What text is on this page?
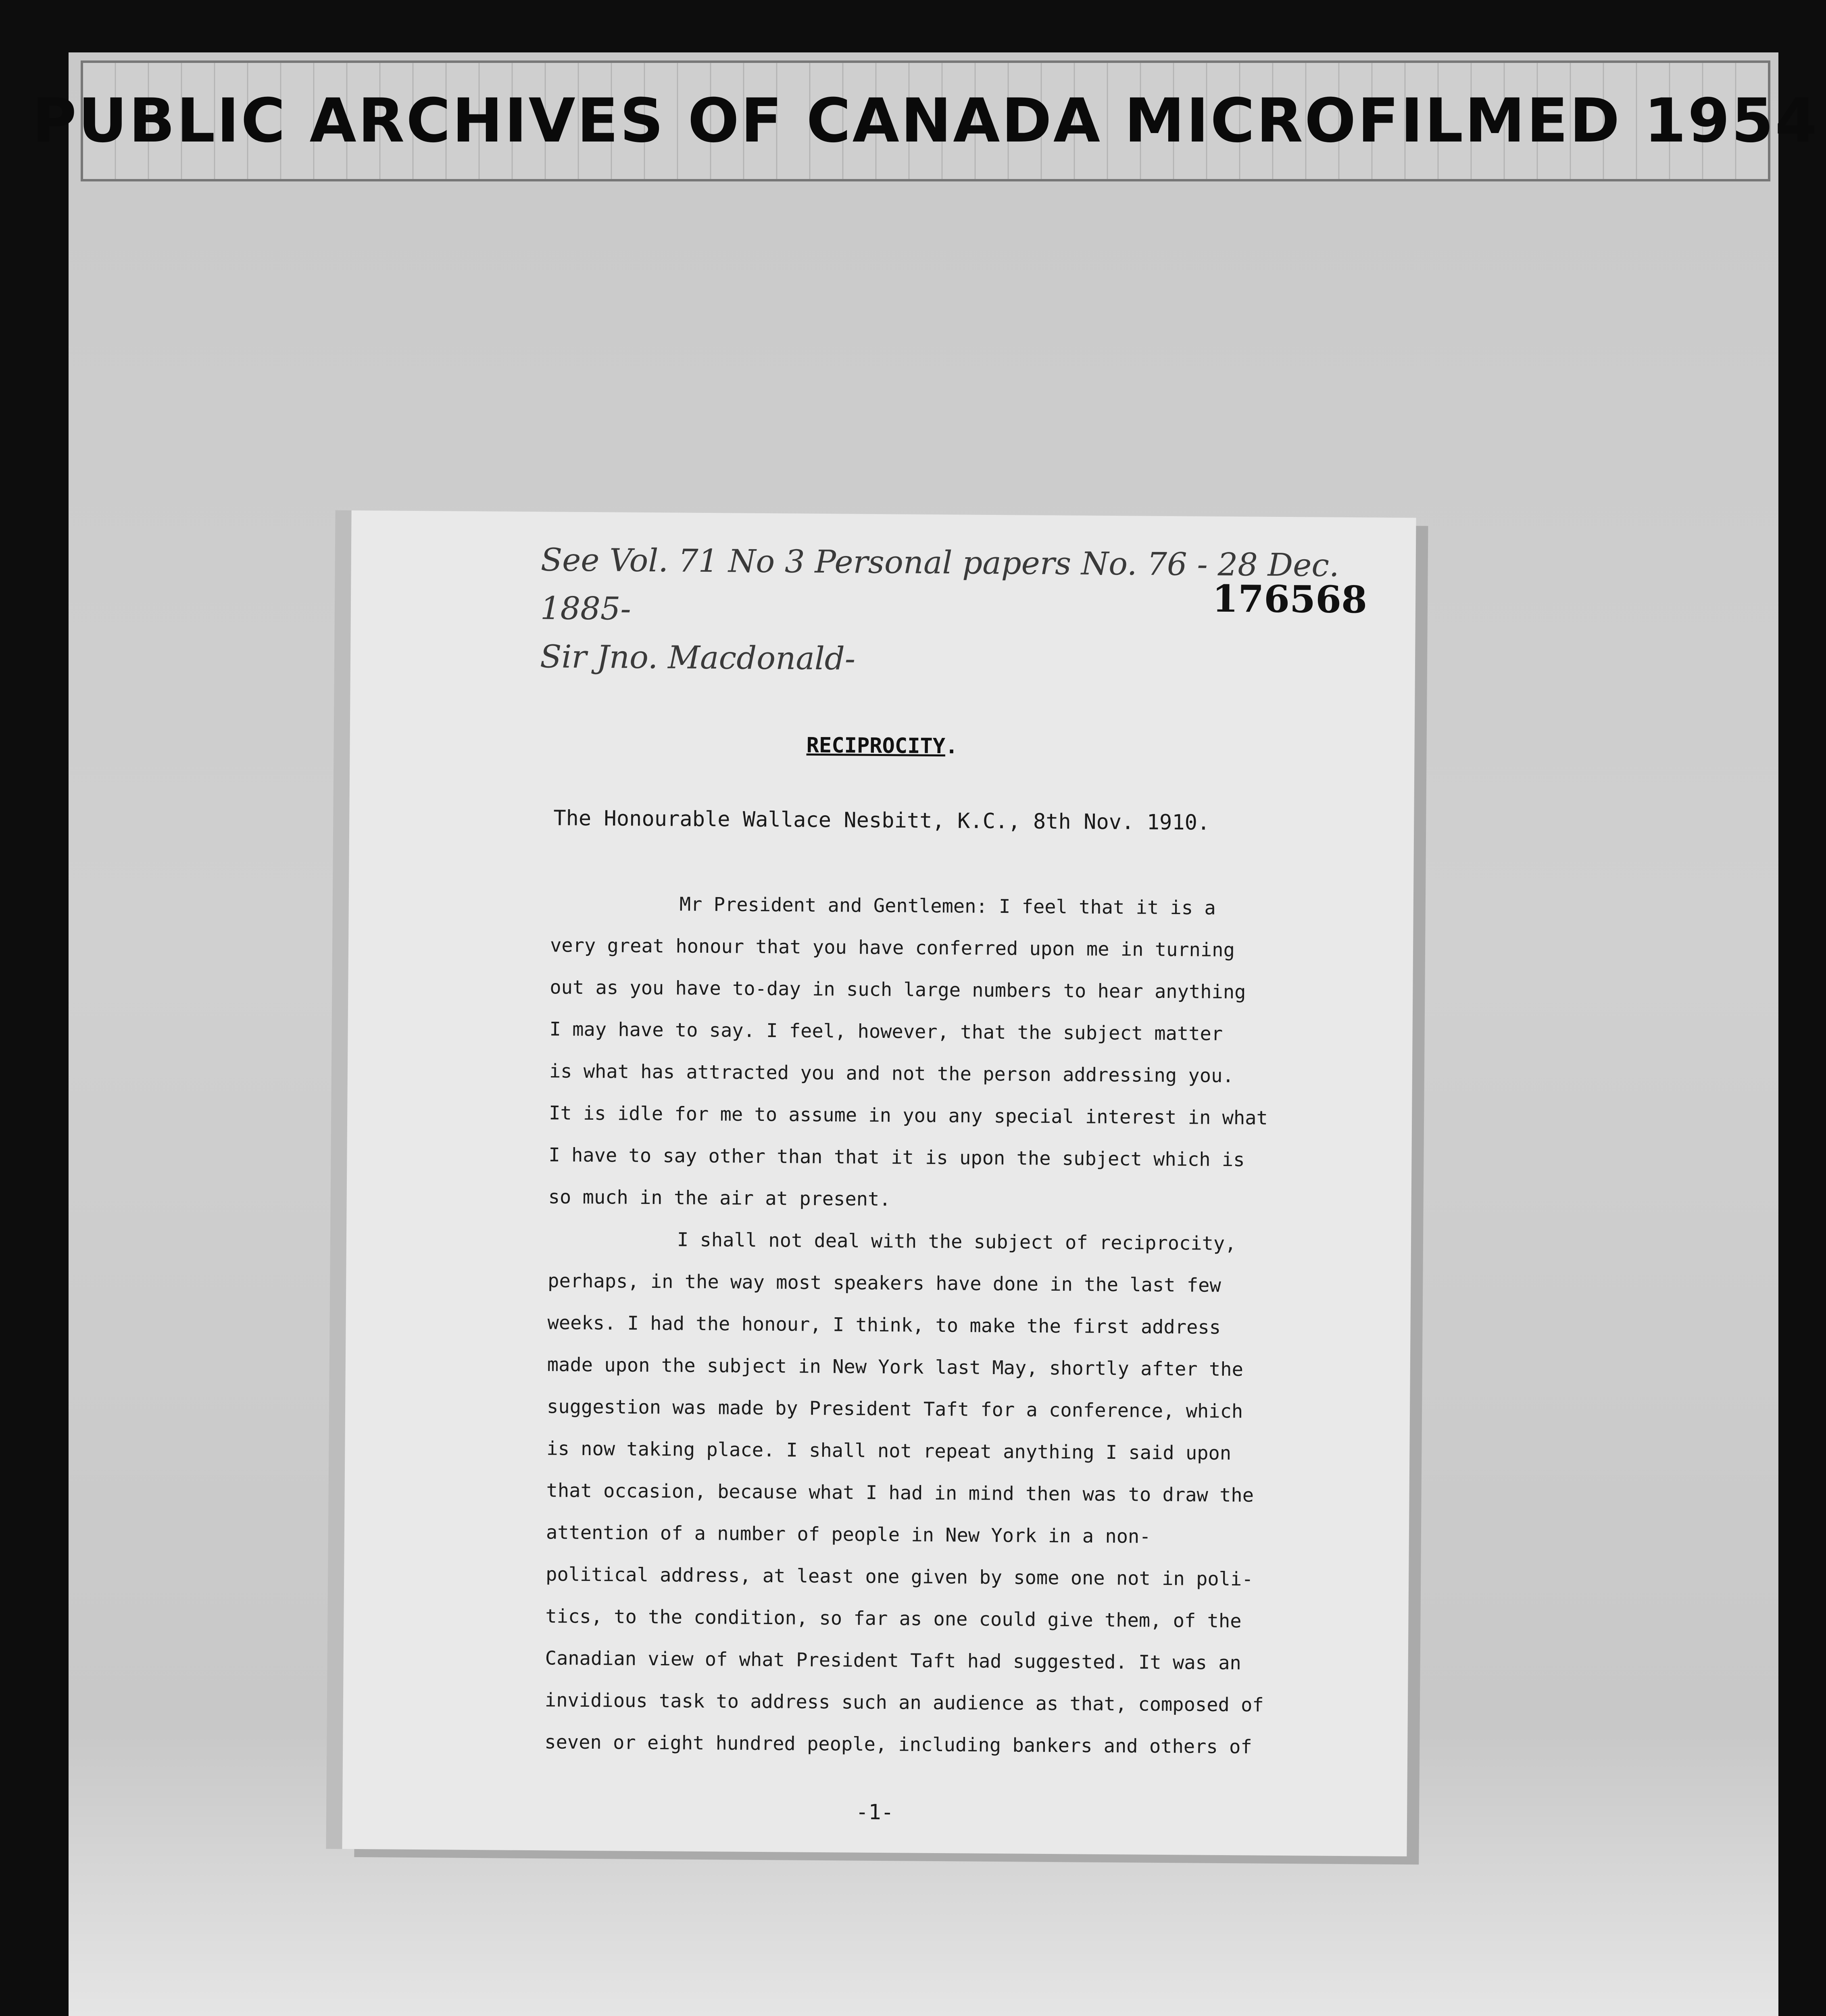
PUBLIC ARCHIVES OF CANADA MICROFILMED 1954
See Vol. 71 No 3 Personal papers No. 76 - 28 Dec. 1885-
Sir Jno. Macdonald-
176568
RECIPROCITY.
The Honourable Wallace Nesbitt, K.C., 8th Nov. 1910.
Mr President and Gentlemen: I feel that it is a
very great honour that you have conferred upon me in turning
out as you have to-day in such large numbers to hear anything
I may have to say. I feel, however, that the subject matter
is what has attracted you and not the person addressing you.
It is idle for me to assume in you any special interest in what
I have to say other than that it is upon the subject which is
so much in the air at present.
I shall not deal with the subject of reciprocity,
perhaps, in the way most speakers have done in the last few
weeks. I had the honour, I think, to make the first address
made upon the subject in New York last May, shortly after the
suggestion was made by President Taft for a conference, which
is now taking place. I shall not repeat anything I said upon
that occasion, because what I had in mind then was to draw the
attention of a number of people in New York in a non-
political address, at least one given by some one not in poli-
tics, to the condition, so far as one could give them, of the
Canadian view of what President Taft had suggested. It was an
invidious task to address such an audience as that, composed of
seven or eight hundred people, including bankers and others of
-1-
